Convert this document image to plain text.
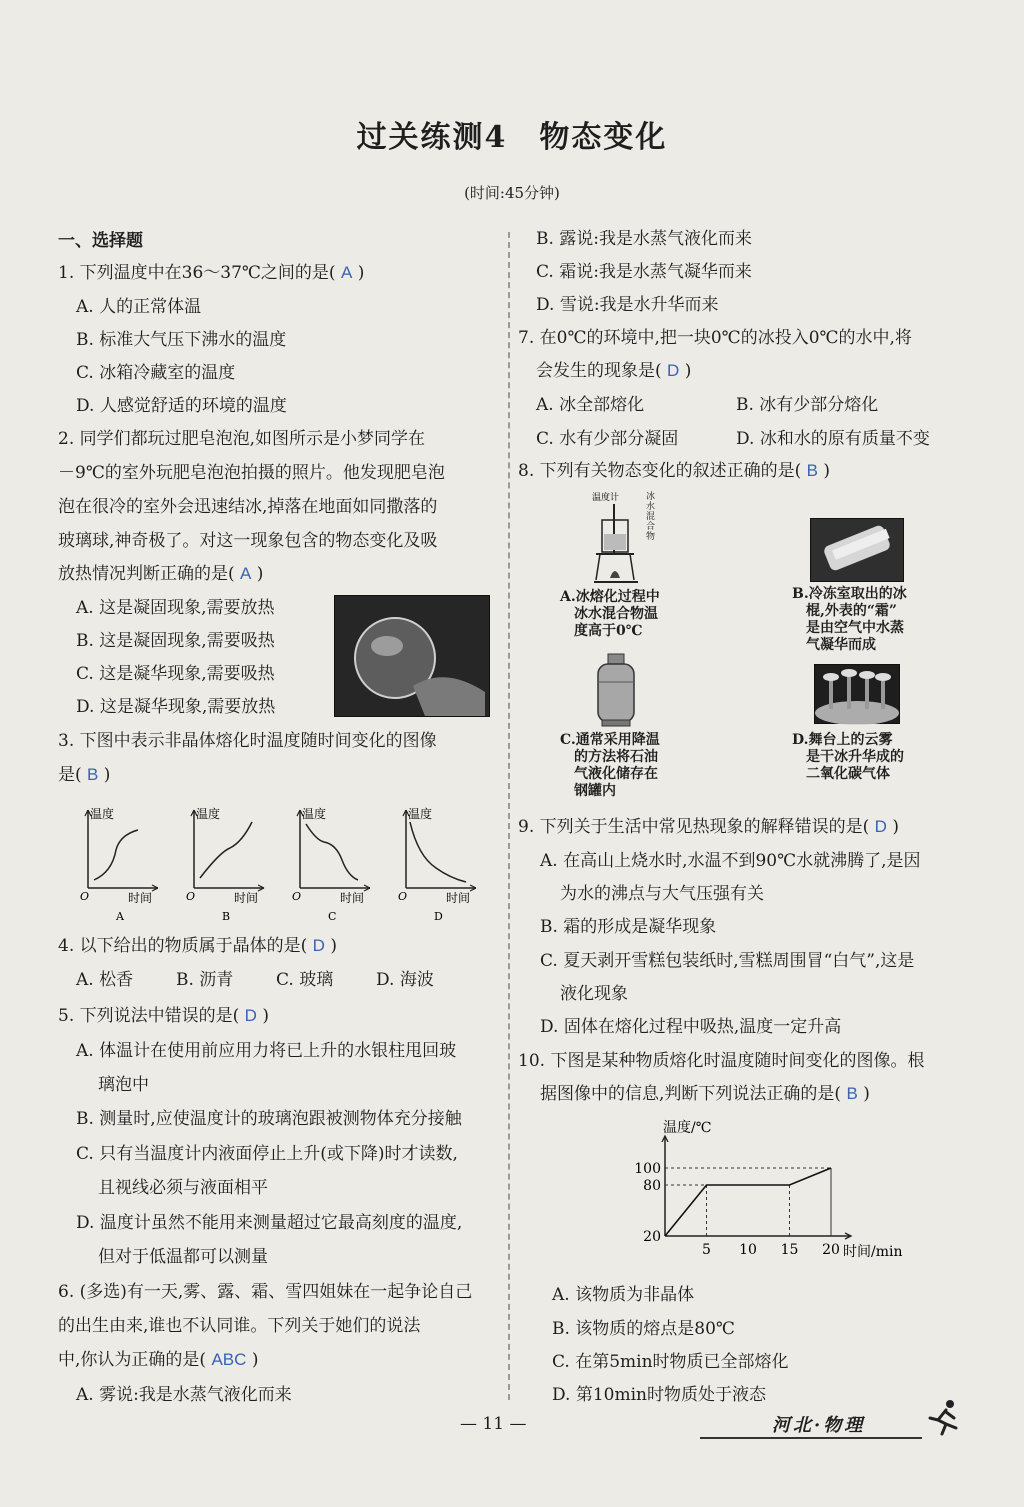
过关练测4　物态变化
(时间:45分钟)
一、选择题
1. 下列温度中在36～37℃之间的是( A )
A. 人的正常体温
B. 标准大气压下沸水的温度
C. 冰箱冷藏室的温度
D. 人感觉舒适的环境的温度
2. 同学们都玩过肥皂泡泡,如图所示是小梦同学在
－9℃的室外玩肥皂泡泡拍摄的照片。他发现肥皂泡
泡在很冷的室外会迅速结冰,掉落在地面如同撒落的
玻璃球,神奇极了。对这一现象包含的物态变化及吸
放热情况判断正确的是( A )
A. 这是凝固现象,需要放热
B. 这是凝固现象,需要吸热
C. 这是凝华现象,需要吸热
D. 这是凝华现象,需要放热
3. 下图中表示非晶体熔化时温度随时间变化的图像
是( B )
温度
O	时间
A
温度
O	时间
B
温度
O	时间
C
温度
O	时间
D
4. 以下给出的物质属于晶体的是( D )
A. 松香	B. 沥青	C. 玻璃	D. 海波
5. 下列说法中错误的是( D )
A. 体温计在使用前应用力将已上升的水银柱甩回玻
璃泡中
B. 测量时,应使温度计的玻璃泡跟被测物体充分接触
C. 只有当温度计内液面停止上升(或下降)时才读数,
且视线必须与液面相平
D. 温度计虽然不能用来测量超过它最高刻度的温度,
但对于低温都可以测量
6. (多选)有一天,雾、露、霜、雪四姐妹在一起争论自己
的出生由来,谁也不认同谁。下列关于她们的说法
中,你认为正确的是( ABC )
A. 雾说:我是水蒸气液化而来
B. 露说:我是水蒸气液化而来
C. 霜说:我是水蒸气凝华而来
D. 雪说:我是水升华而来
7. 在0℃的环境中,把一块0℃的冰投入0℃的水中,将
会发生的现象是( D )
A. 冰全部熔化	B. 冰有少部分熔化
C. 水有少部分凝固	D. 冰和水的原有质量不变
8. 下列有关物态变化的叙述正确的是( B )
温度计	冰水混合物
A.冰熔化过程中
冰水混合物温
度高于0℃
B.冷冻室取出的冰
棍,外表的“霜”
是由空气中水蒸
气凝华而成
C.通常采用降温
的方法将石油
气液化储存在
钢罐内
D.舞台上的云雾
是干冰升华成的
二氧化碳气体
9. 下列关于生活中常见热现象的解释错误的是( D )
A. 在高山上烧水时,水温不到90℃水就沸腾了,是因
为水的沸点与大气压强有关
B. 霜的形成是凝华现象
C. 夏天剥开雪糕包装纸时,雪糕周围冒“白气”,这是
液化现象
D. 固体在熔化过程中吸热,温度一定升高
10. 下图是某种物质熔化时温度随时间变化的图像。根
据图像中的信息,判断下列说法正确的是( B )
温度/℃
时间/min
5 10 15 20
20
80
100
A. 该物质为非晶体
B. 该物质的熔点是80℃
C. 在第5min时物质已全部熔化
D. 第10min时物质处于液态
— 11 —	河北·物理
